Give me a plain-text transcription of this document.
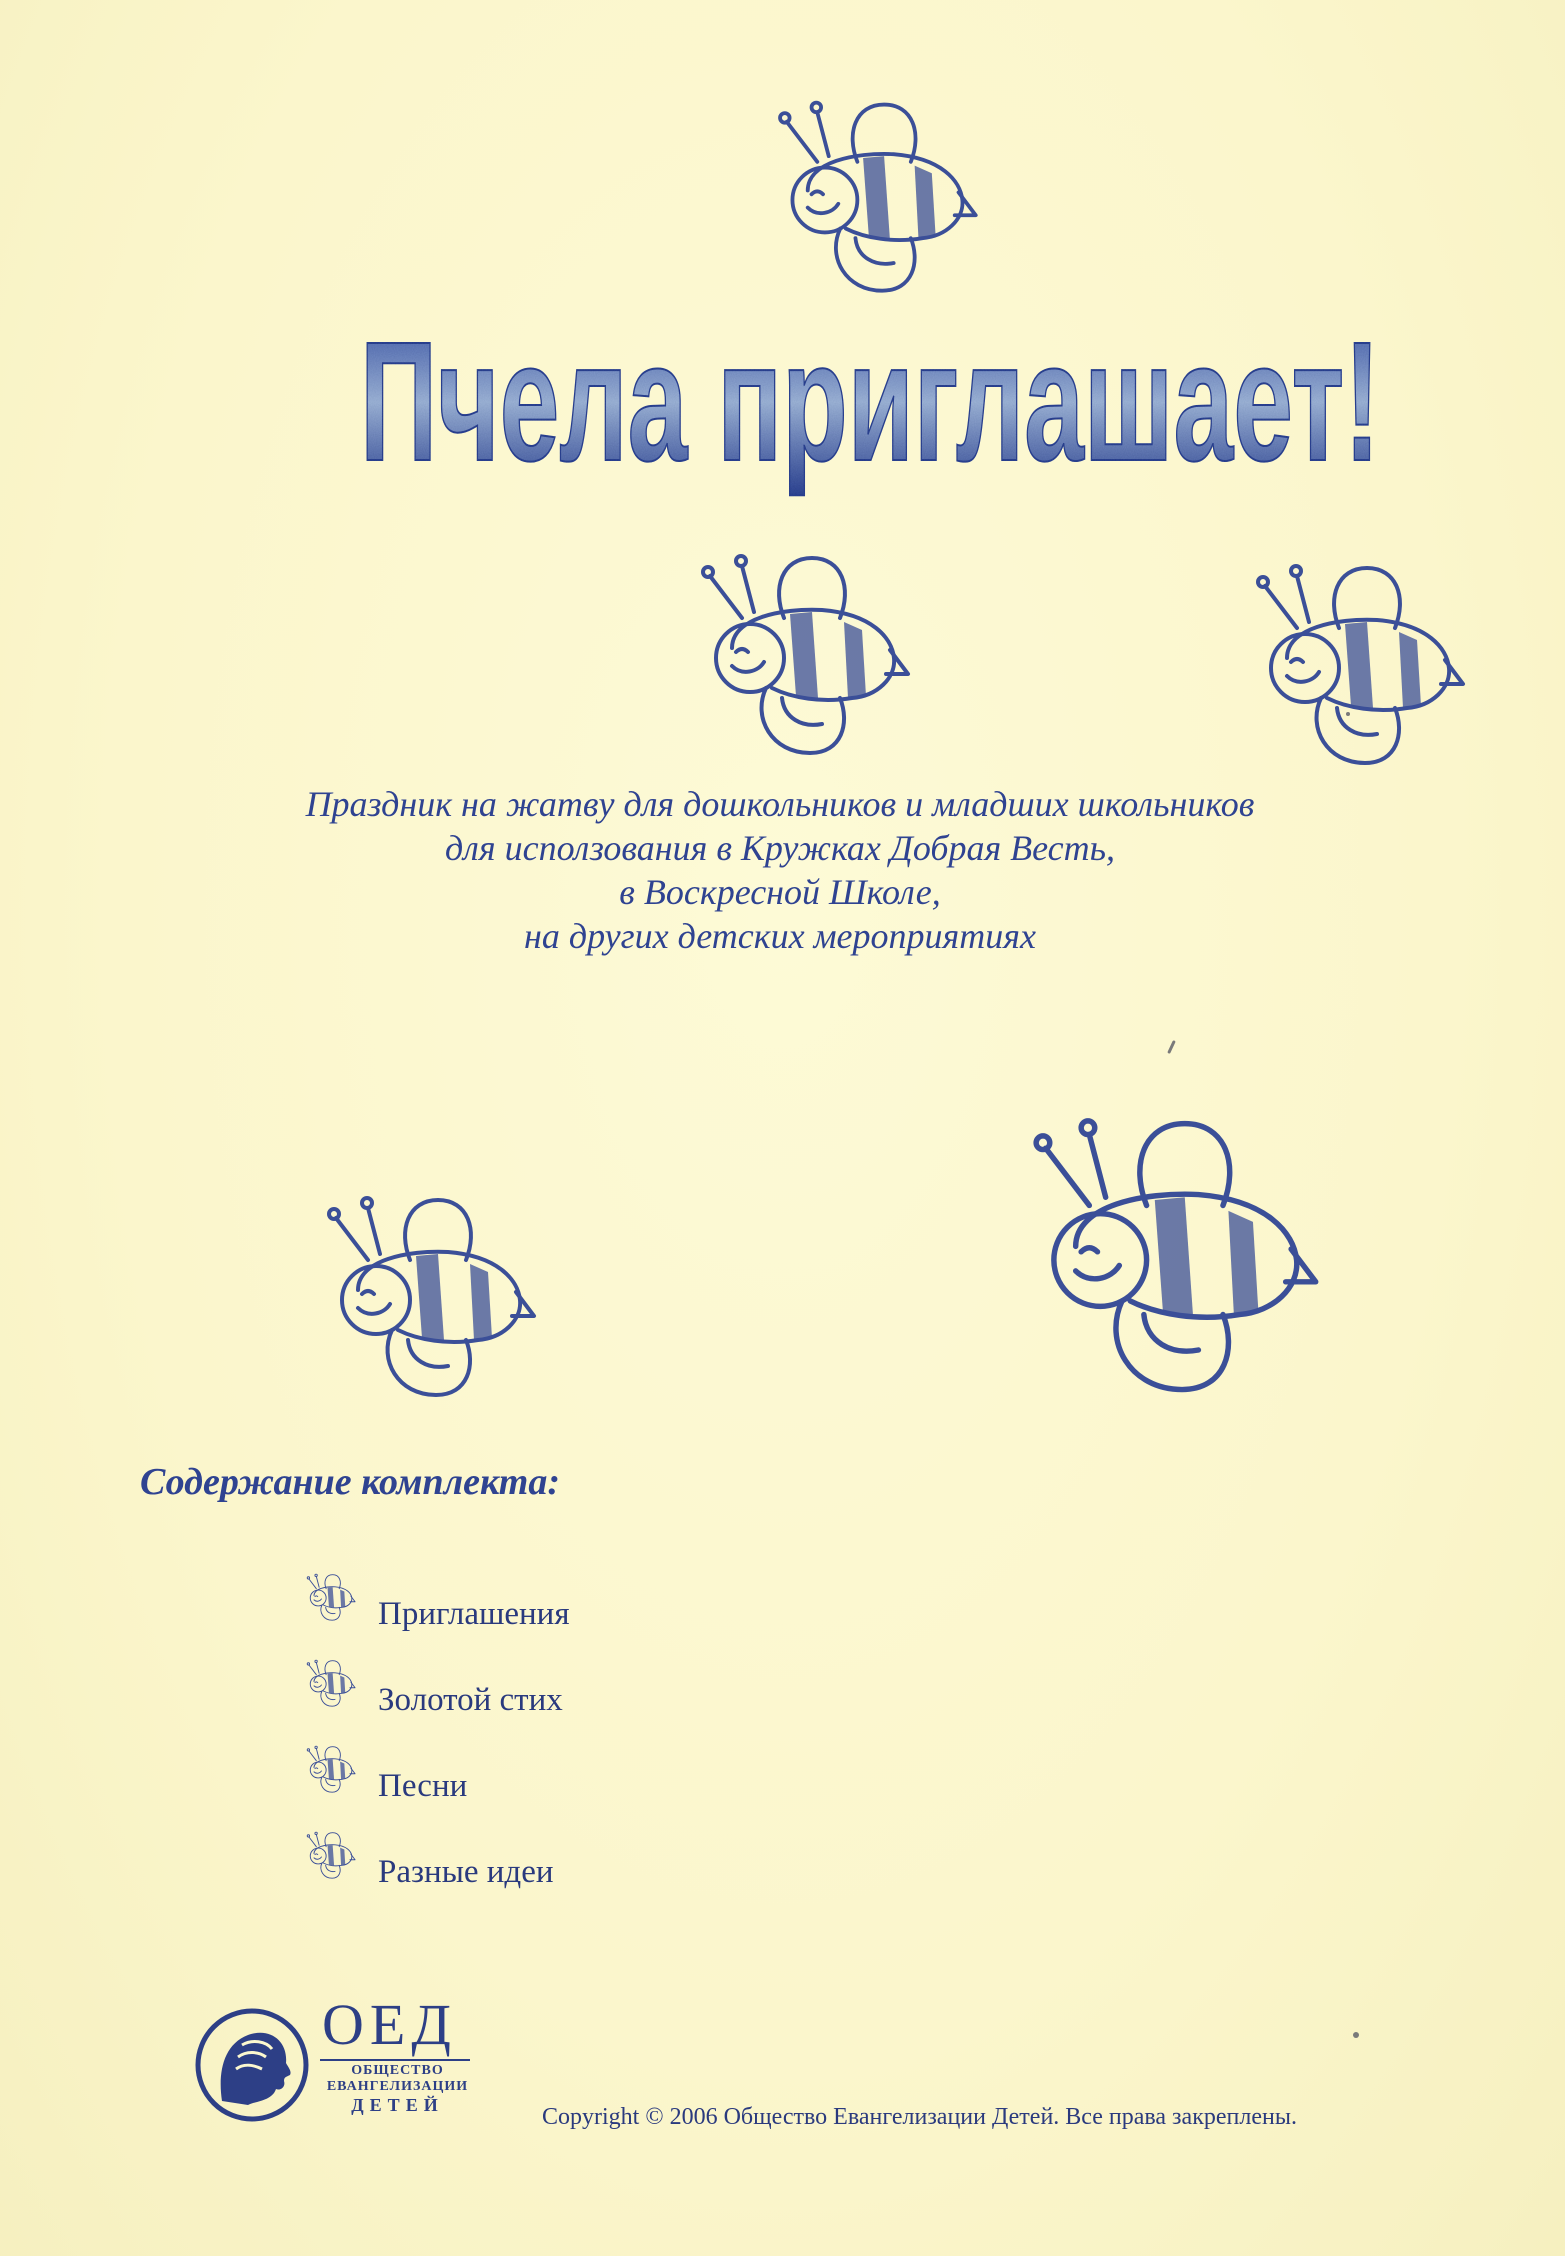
Пчела приглашает!
Праздник на жатву для дошкольников и младших школьников
для исползования в Кружках Добрая Весть,
в Воскресной Школе,
на других детских мероприятиях
Содержание комплекта:
Приглашения
Золотой стих
Песни
Разные идеи
ОЕД
ОБЩЕСТВО
ЕВАНГЕЛИЗАЦИИ
ДЕТЕЙ	Copyright © 2006 Общество Евангелизации Детей. Все права закреплены.
